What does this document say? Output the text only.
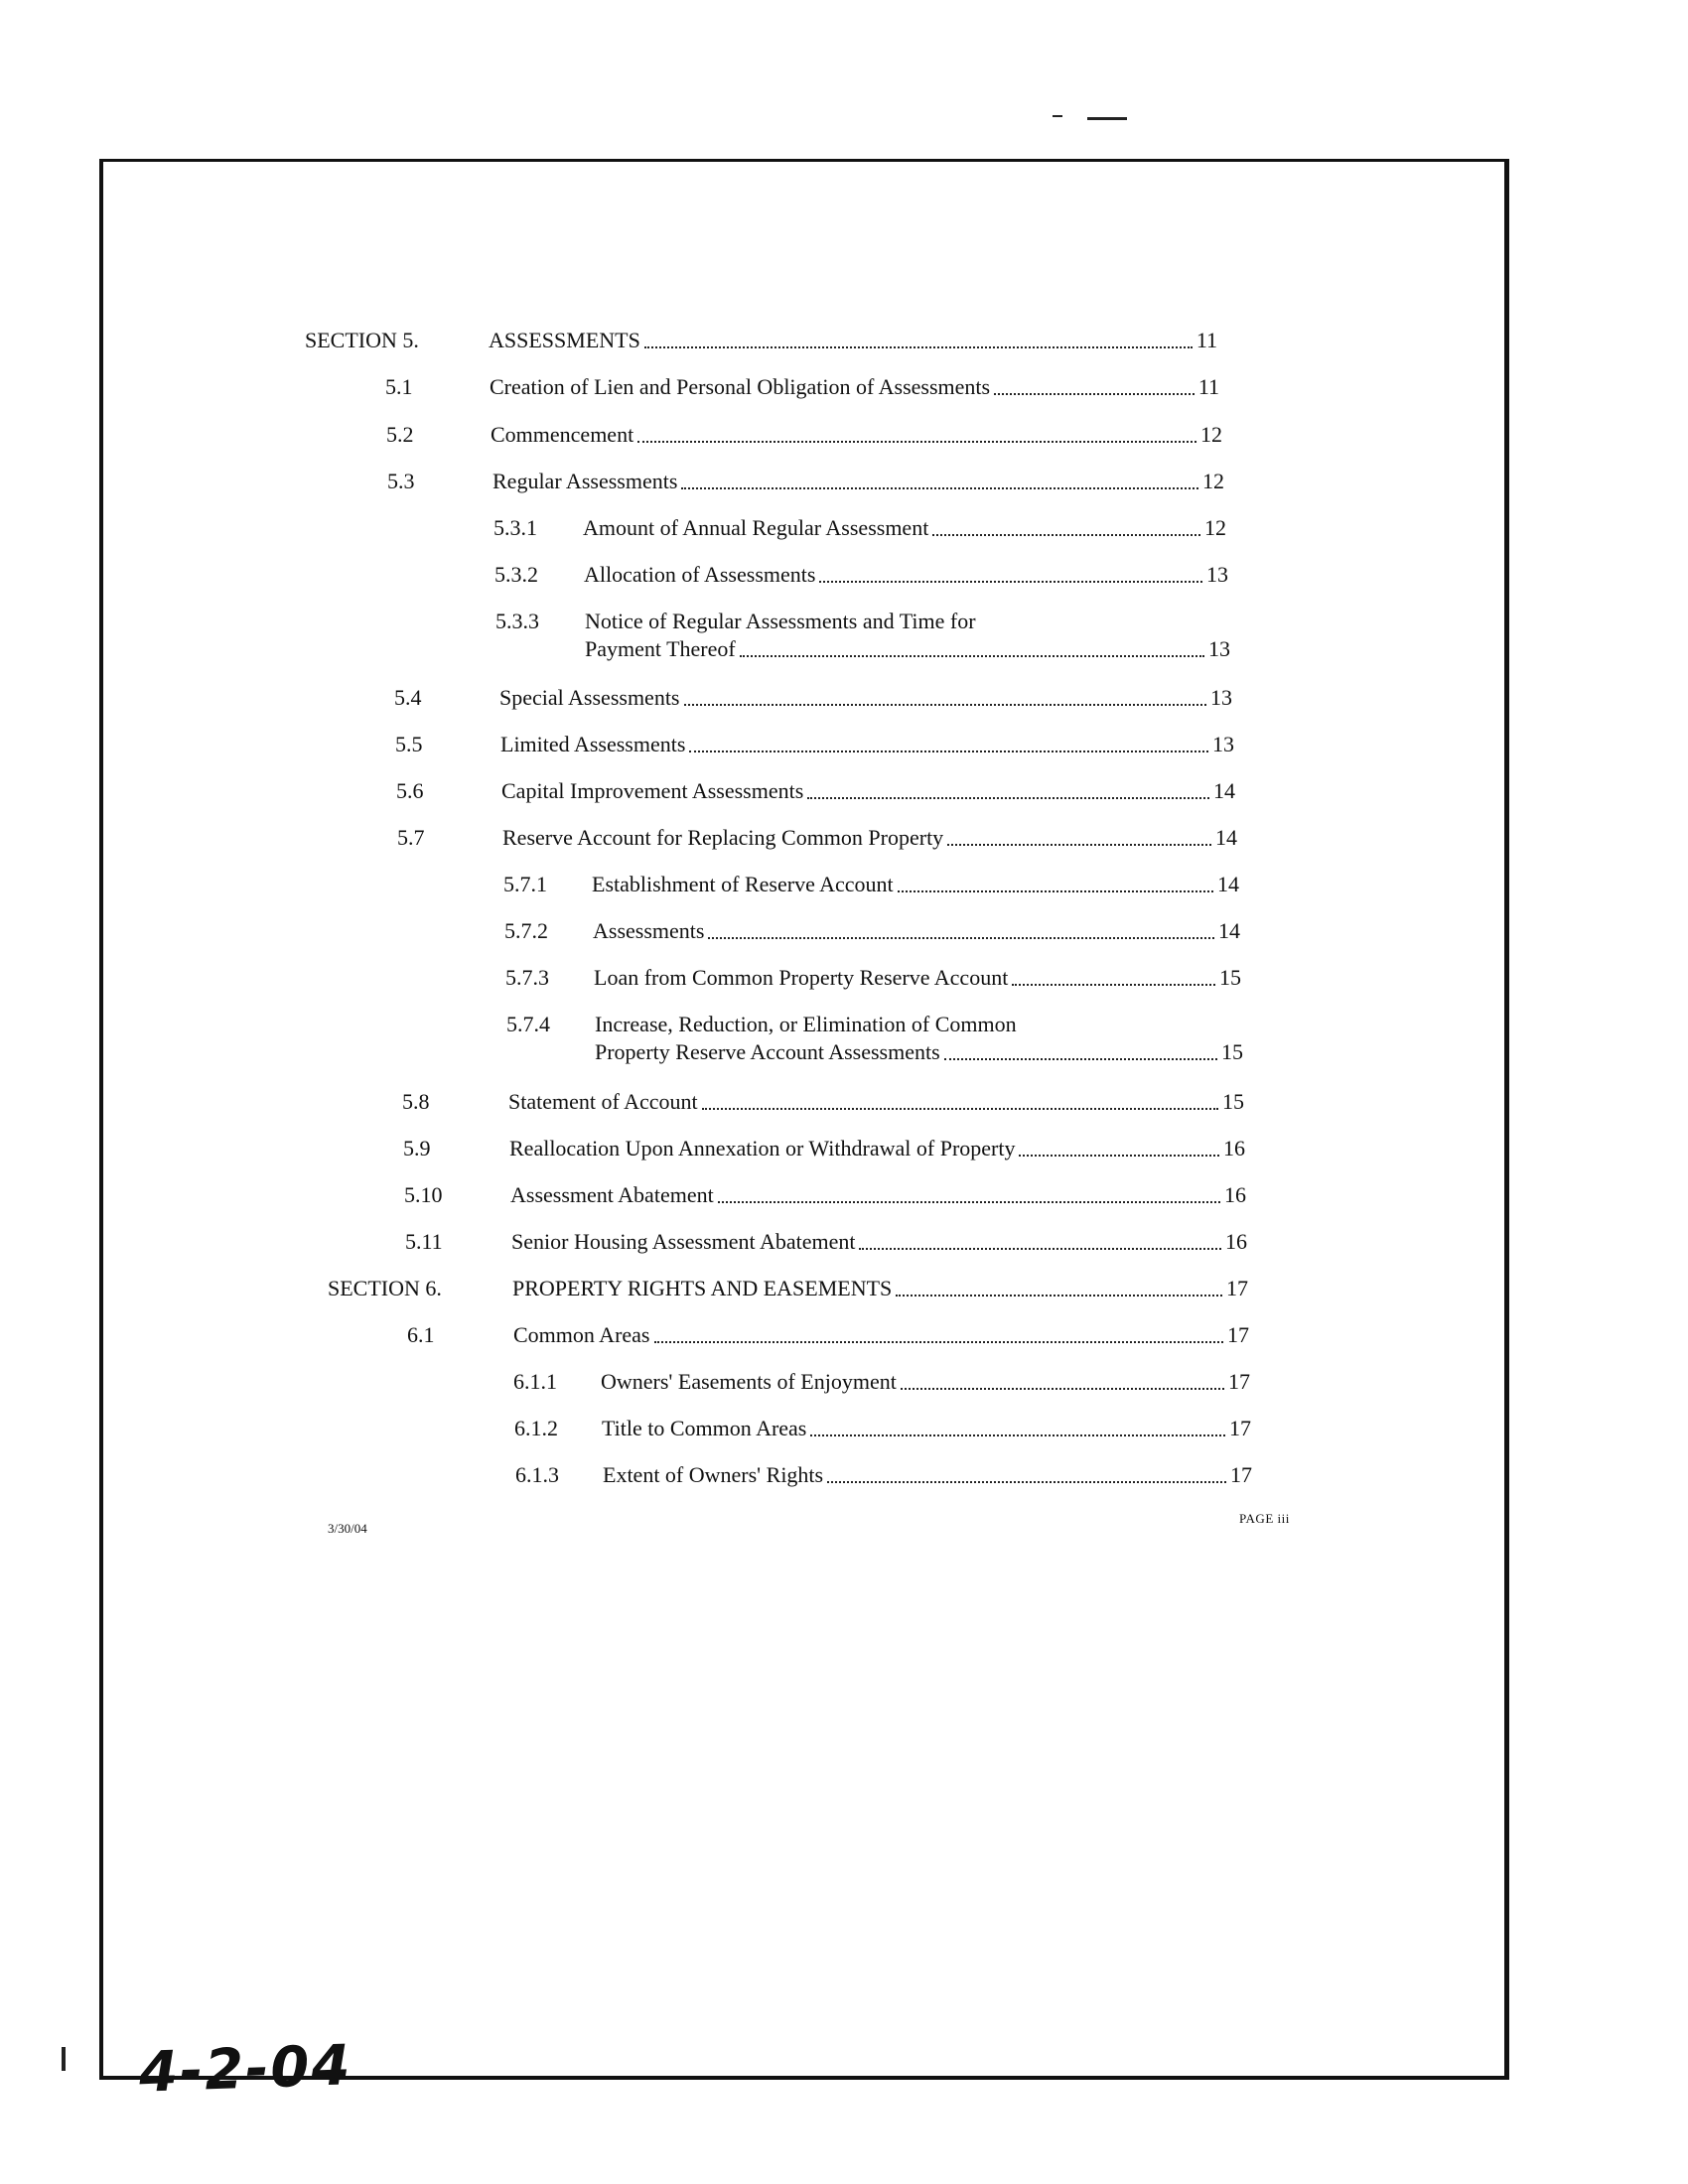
SECTION 5.	ASSESSMENTS	11
5.1	Creation of Lien and Personal Obligation of Assessments	11
5.2	Commencement	12
5.3	Regular Assessments	12
5.3.1 Amount of Annual Regular Assessment	12
5.3.2 Allocation of Assessments	13
5.3.3 Notice of Regular Assessments and Time for
Payment Thereof	13
5.4	Special Assessments	13
5.5	Limited Assessments	13
5.6	Capital Improvement Assessments	14
5.7	Reserve Account for Replacing Common Property	14
5.7.1 Establishment of Reserve Account	14
5.7.2 Assessments	14
5.7.3 Loan from Common Property Reserve Account	15
5.7.4 Increase, Reduction, or Elimination of Common
Property Reserve Account Assessments	15
5.8	Statement of Account	15
5.9	Reallocation Upon Annexation or Withdrawal of Property	16
5.10	Assessment Abatement	16
5.11	Senior Housing Assessment Abatement	16
SECTION 6.	PROPERTY RIGHTS AND EASEMENTS	17
6.1	Common Areas	17
6.1.1 Owners' Easements of Enjoyment	17
6.1.2 Title to Common Areas	17
6.1.3 Extent of Owners' Rights	17
3/30/04
PAGE iii
4-2-04
